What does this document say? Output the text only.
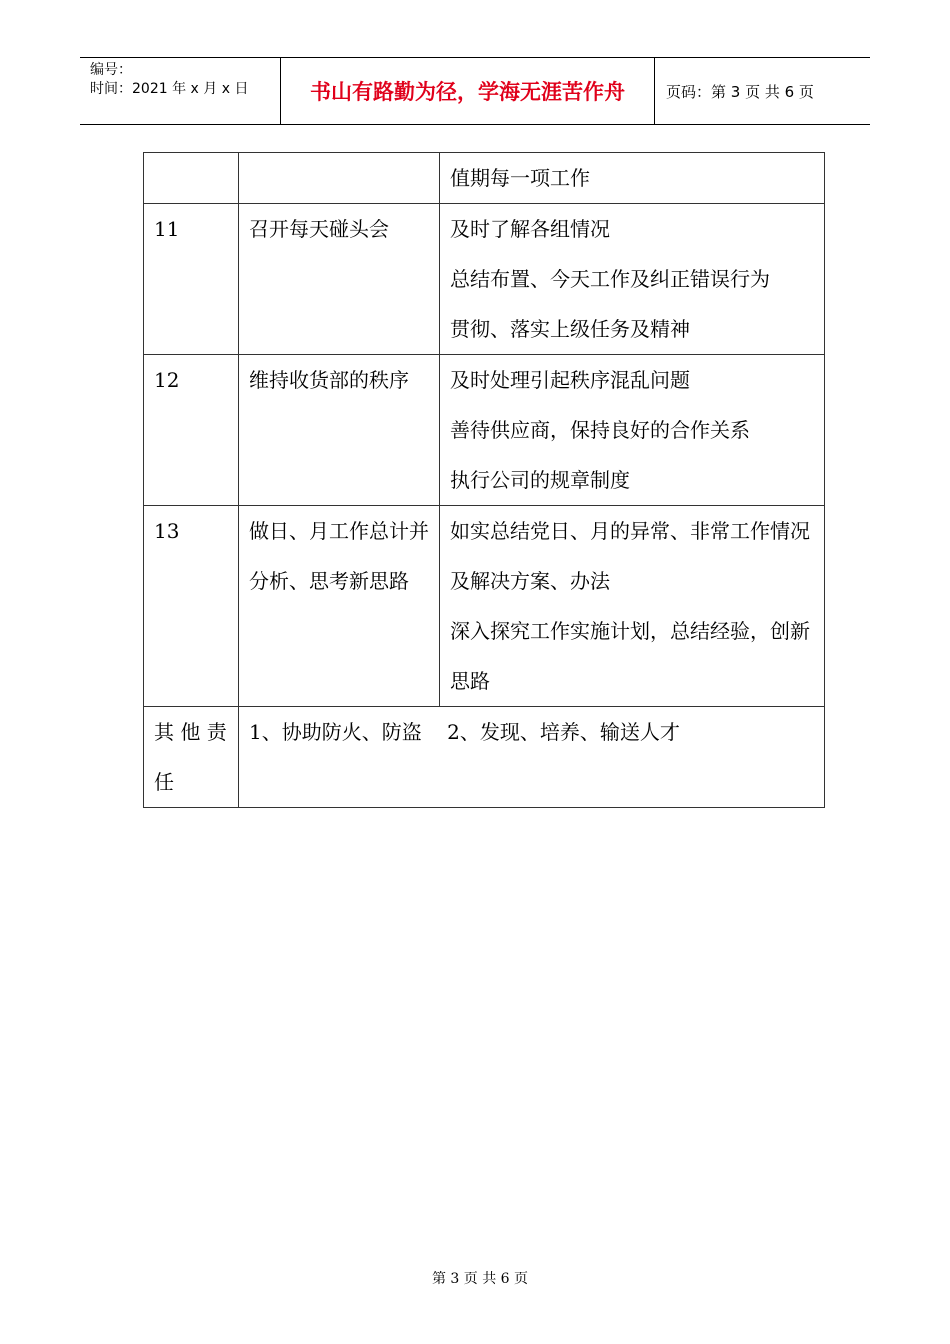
编号：
时间：2021 年 x 月 x 日	书山有路勤为径，学海无涯苦作舟	页码：第 3 页 共 6 页

		值期每一项工作

11	召开每天碰头会	及时了解各组情况
总结布置、今天工作及纠正错误行为
贯彻、落实上级任务及精神

12	维持收货部的秩序	及时处理引起秩序混乱问题
善待供应商，保持良好的合作关系
执行公司的规章制度

13	做日、月工作总计并分析、思考新思路	如实总结党日、月的异常、非常工作情况及解决方案、办法
深入探究工作实施计划，总结经验，创新思路

其 他 责 任	1、协助防火、防盗    2、发现、培养、输送人才	
第 3 页 共 6 页
